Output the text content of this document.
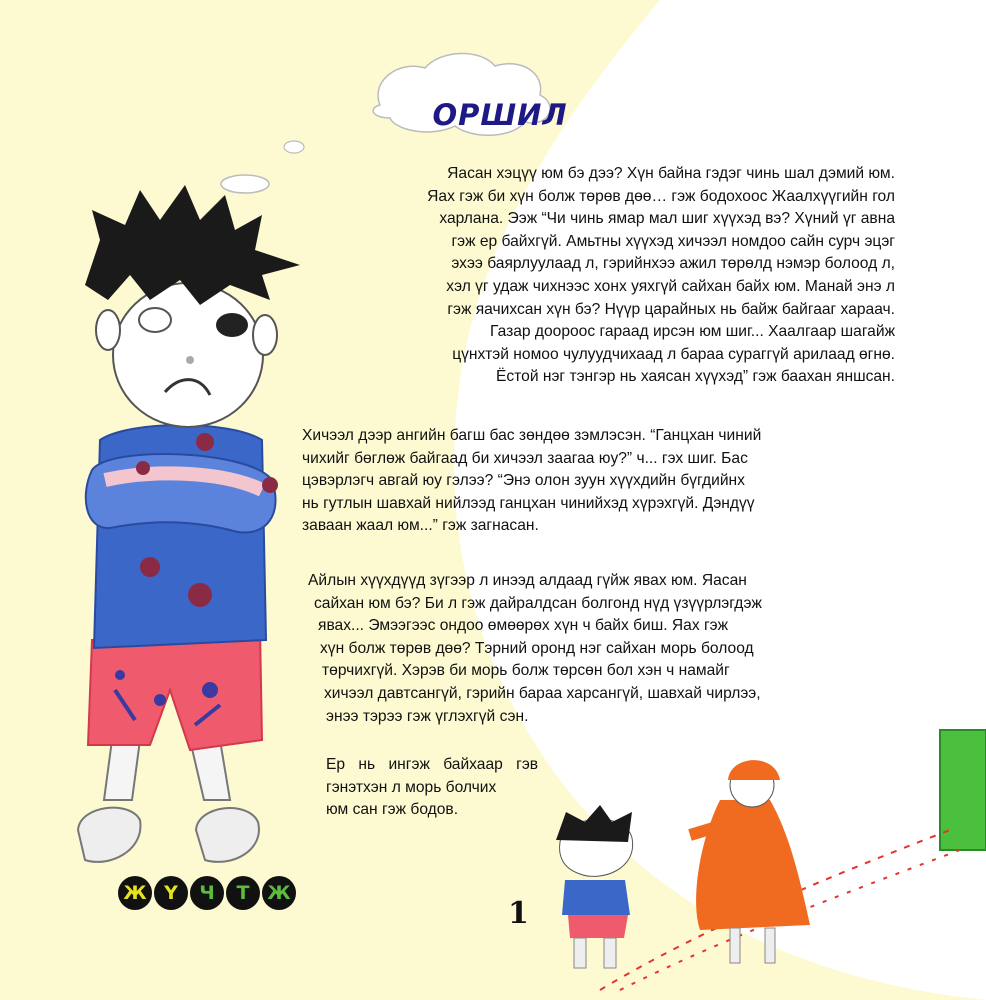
ОРШИЛ
Яасан хэцүү юм бэ дээ? Хүн байна гэдэг чинь шал дэмий юм.
Яах гэж би хүн болж төрөв дөө… гэж бодохоос Жаалхүүгийн гол
харлана. Ээж “Чи чинь ямар мал шиг хүүхэд вэ? Хүний үг авна
гэж ер байхгүй. Амьтны хүүхэд хичээл номдоо сайн сурч эцэг
эхээ баярлуулаад л, гэрийнхээ ажил төрөлд нэмэр болоод л,
хэл үг удаж чихнээс хонх уяхгүй сайхан байх юм. Манай энэ л
гэж яачихсан хүн бэ? Нүүр царайных нь байж байгааг хараач.
Газар доороос гараад ирсэн юм шиг... Хаалгаар шагайж
цүнхтэй номоо чулуудчихаад л бараа сураггүй арилаад өгнө.
Ёстой нэг тэнгэр нь хаясан хүүхэд” гэж баахан яншсан.
Хичээл дээр ангийн багш бас зөндөө зэмлэсэн. “Ганцхан чиний
чихийг бөглөж байгаад би хичээл заагаа юу?” ч... гэх шиг. Бас
цэвэрлэгч авгай юу гэлээ? “Энэ олон зуун хүүхдийн бүгдийнх
нь гутлын шавхай нийлээд ганцхан чинийхэд хүрэхгүй. Дэндүү
заваан жаал юм...” гэж загнасан.
Айлын хүүхдүүд зүгээр л инээд алдаад гүйж явах юм. Яасан
сайхан юм бэ? Би л гэж дайралдсан болгонд нүд үзүүрлэгдэж
явах... Эмээгээс ондоо өмөөрөх хүн ч байх биш. Яах гэж
хүн болж төрөв дөө? Тэрний оронд нэг сайхан морь болоод
төрчихгүй. Хэрэв би морь болж төрсөн бол хэн ч намайг
хичээл давтсангүй, гэрийн бараа харсангүй, шавхай чирлээ,
энээ тэрээ гэж үглэхгүй сэн.
Ер нь ингэж байхаар гэв
гэнэтхэн л морь болчих
юм сан гэж бодов.
Ж Ү	Ч	Т Ж
1
